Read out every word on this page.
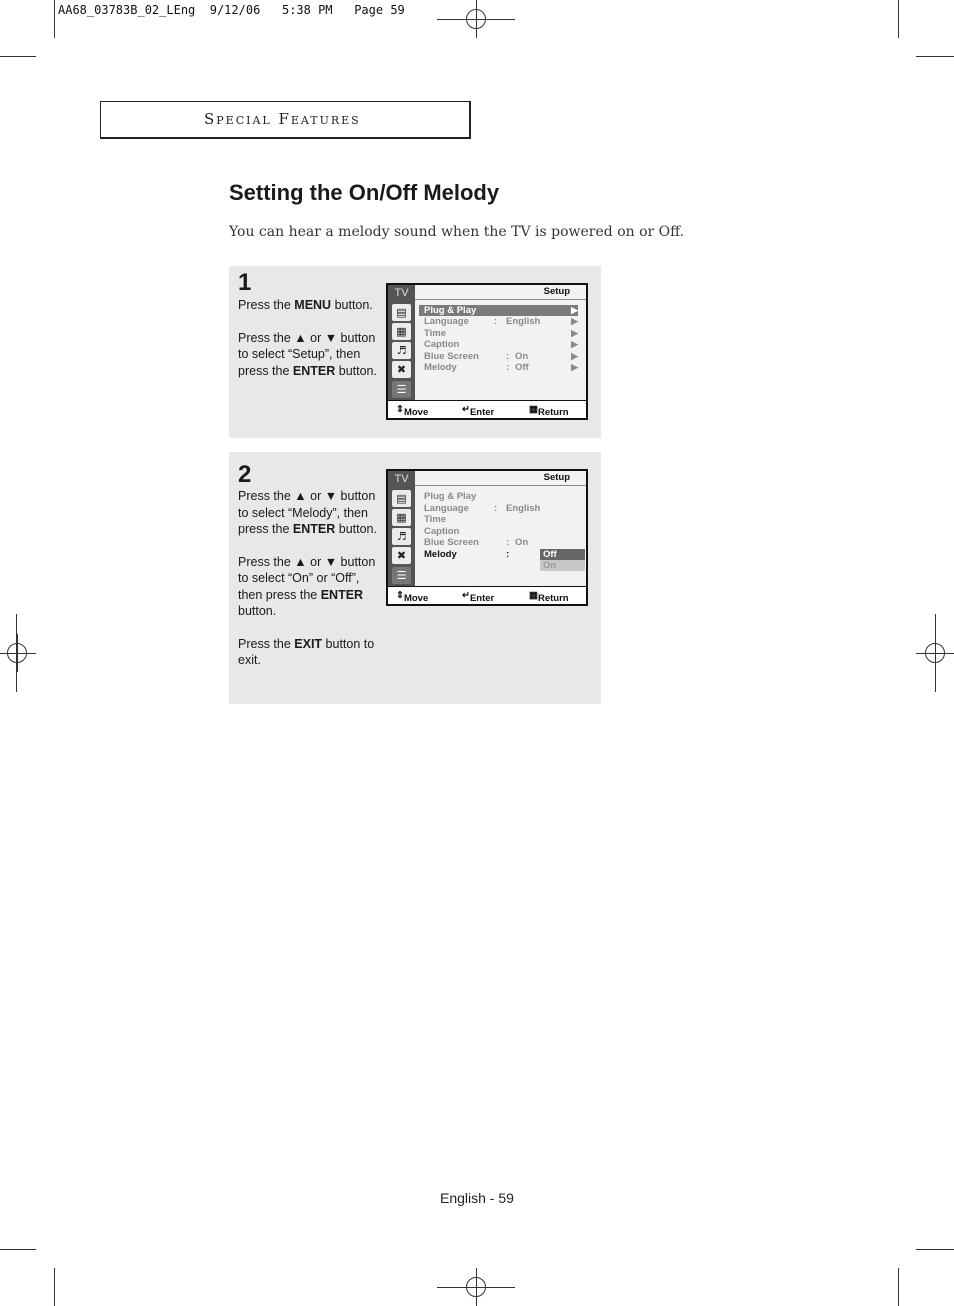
AA68_03783B_02_LEng  9/12/06   5:38 PM   Page 59
Special Features
Setting the On/Off Melody
You can hear a melody sound when the TV is powered on or Off.
1

Press the MENU button.

Press the ▲ or ▼ button to select “Setup”, then press the ENTER button.

TV
▤
▦
♬
✖
☰
Setup
Plug & Play	▶
Language	: English	▶
Time	▶
Caption	▶
Blue Screen	: On	▶
Melody	: Off	▶
⇕ Move	↵ Enter	▦ Return
2

Press the ▲ or ▼ button to select “Melody”, then press the ENTER button.

Press the ▲ or ▼ button to select “On” or “Off”, then press the ENTER button.

Press the EXIT button to exit.

TV
▤
▦
♬
✖
☰
Setup
Plug & Play
Language	: English
Time
Caption
Blue Screen	: On
Melody	:	Off
On
⇕ Move	↵ Enter	▦ Return
English - 59
